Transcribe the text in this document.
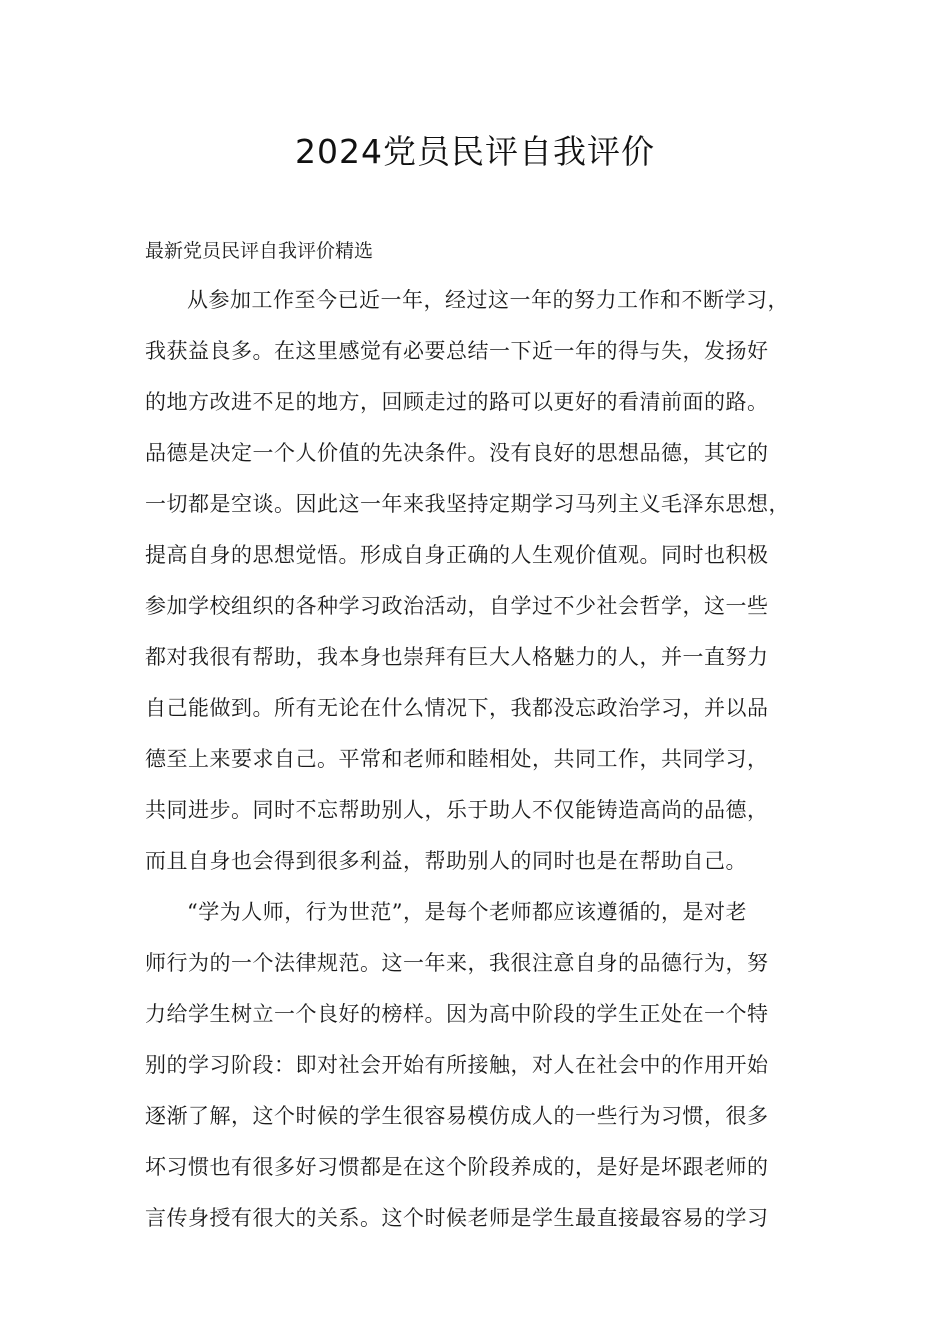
2024党员民评自我评价

最新党员民评自我评价精选

从参加工作至今已近一年，经过这一年的努力工作和不断学习，
我获益良多。在这里感觉有必要总结一下近一年的得与失，发扬好
的地方改进不足的地方，回顾走过的路可以更好的看清前面的路。
品德是决定一个人价值的先决条件。没有良好的思想品德，其它的
一切都是空谈。因此这一年来我坚持定期学习马列主义毛泽东思想，
提高自身的思想觉悟。形成自身正确的人生观价值观。同时也积极
参加学校组织的各种学习政治活动，自学过不少社会哲学，这一些
都对我很有帮助，我本身也崇拜有巨大人格魅力的人，并一直努力
自己能做到。所有无论在什么情况下，我都没忘政治学习，并以品
德至上来要求自己。平常和老师和睦相处，共同工作，共同学习，
共同进步。同时不忘帮助别人，乐于助人不仅能铸造高尚的品德，
而且自身也会得到很多利益，帮助别人的同时也是在帮助自己。
“学为人师，行为世范”，是每个老师都应该遵循的，是对老
师行为的一个法律规范。这一年来，我很注意自身的品德行为，努
力给学生树立一个良好的榜样。因为高中阶段的学生正处在一个特
别的学习阶段：即对社会开始有所接触，对人在社会中的作用开始
逐渐了解，这个时候的学生很容易模仿成人的一些行为习惯，很多
坏习惯也有很多好习惯都是在这个阶段养成的，是好是坏跟老师的
言传身授有很大的关系。这个时候老师是学生最直接最容易的学习
